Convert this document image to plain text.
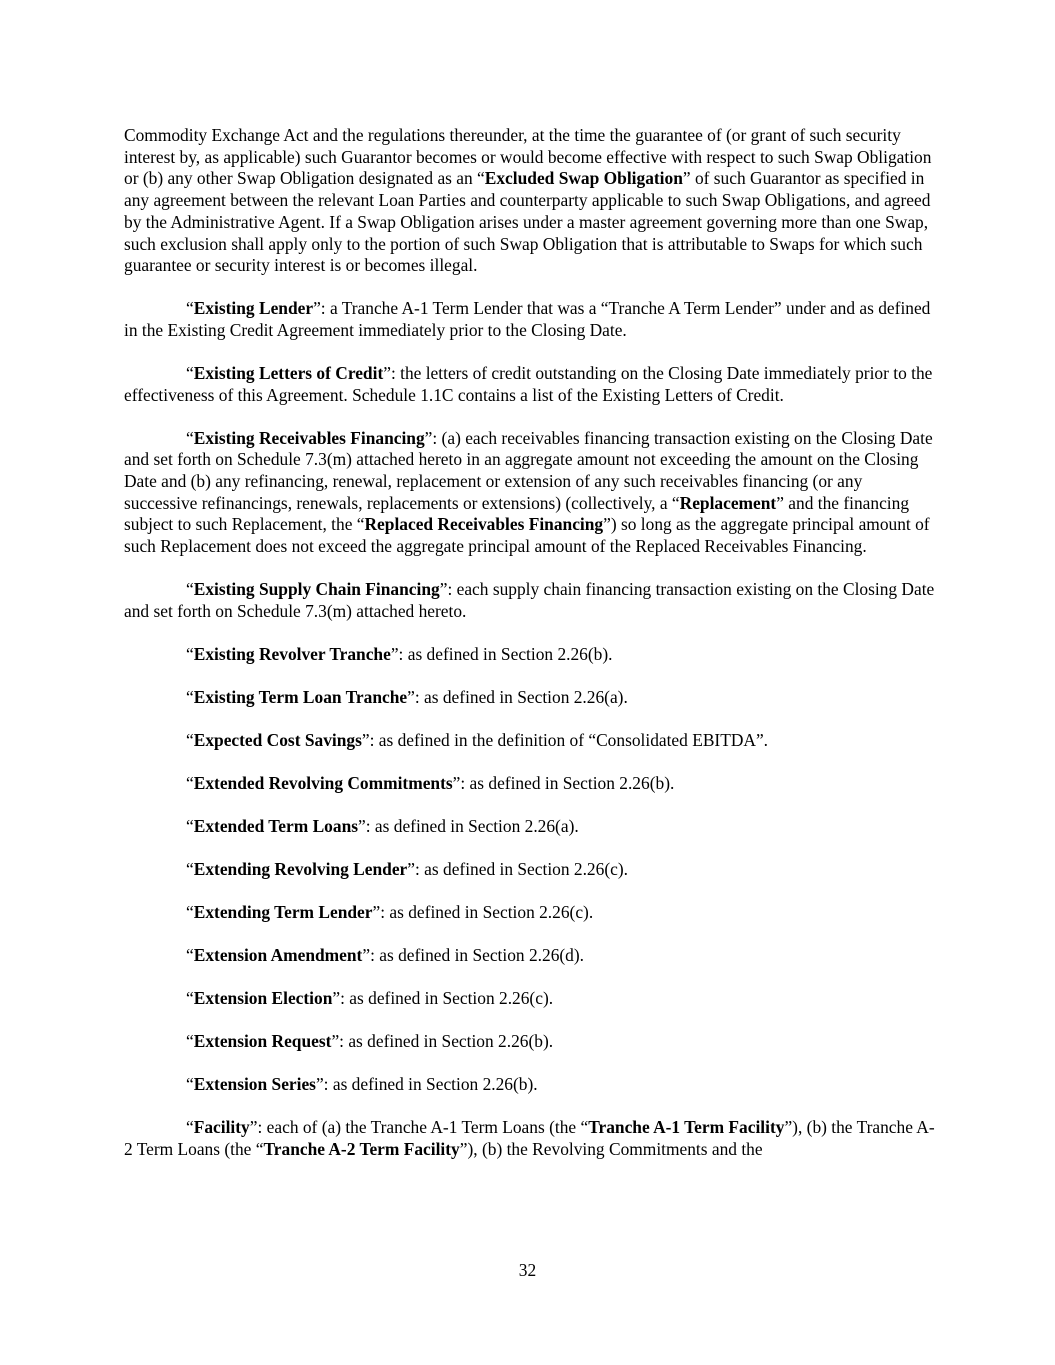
Commodity Exchange Act and the regulations thereunder, at the time the guarantee of (or grant of such security interest by, as applicable) such Guarantor becomes or would become effective with respect to such Swap Obligation or (b) any other Swap Obligation designated as an “Excluded Swap Obligation” of such Guarantor as specified in any agreement between the relevant Loan Parties and counterparty applicable to such Swap Obligations, and agreed by the Administrative Agent. If a Swap Obligation arises under a master agreement governing more than one Swap, such exclusion shall apply only to the portion of such Swap Obligation that is attributable to Swaps for which such guarantee or security interest is or becomes illegal.

“Existing Lender”: a Tranche A-1 Term Lender that was a “Tranche A Term Lender” under and as defined in the Existing Credit Agreement immediately prior to the Closing Date.

“Existing Letters of Credit”: the letters of credit outstanding on the Closing Date immediately prior to the effectiveness of this Agreement. Schedule 1.1C contains a list of the Existing Letters of Credit.

“Existing Receivables Financing”: (a) each receivables financing transaction existing on the Closing Date and set forth on Schedule 7.3(m) attached hereto in an aggregate amount not exceeding the amount on the Closing Date and (b) any refinancing, renewal, replacement or extension of any such receivables financing (or any successive refinancings, renewals, replacements or extensions) (collectively, a “Replacement” and the financing subject to such Replacement, the “Replaced Receivables Financing”) so long as the aggregate principal amount of such Replacement does not exceed the aggregate principal amount of the Replaced Receivables Financing.

“Existing Supply Chain Financing”: each supply chain financing transaction existing on the Closing Date and set forth on Schedule 7.3(m) attached hereto.

“Existing Revolver Tranche”: as defined in Section 2.26(b).

“Existing Term Loan Tranche”: as defined in Section 2.26(a).

“Expected Cost Savings”: as defined in the definition of “Consolidated EBITDA”.

“Extended Revolving Commitments”: as defined in Section 2.26(b).

“Extended Term Loans”: as defined in Section 2.26(a).

“Extending Revolving Lender”: as defined in Section 2.26(c).

“Extending Term Lender”: as defined in Section 2.26(c).

“Extension Amendment”: as defined in Section 2.26(d).

“Extension Election”: as defined in Section 2.26(c).

“Extension Request”: as defined in Section 2.26(b).

“Extension Series”: as defined in Section 2.26(b).

“Facility”: each of (a) the Tranche A-1 Term Loans (the “Tranche A-1 Term Facility”), (b) the Tranche A-2 Term Loans (the “Tranche A-2 Term Facility”), (b) the Revolving Commitments and the

32
